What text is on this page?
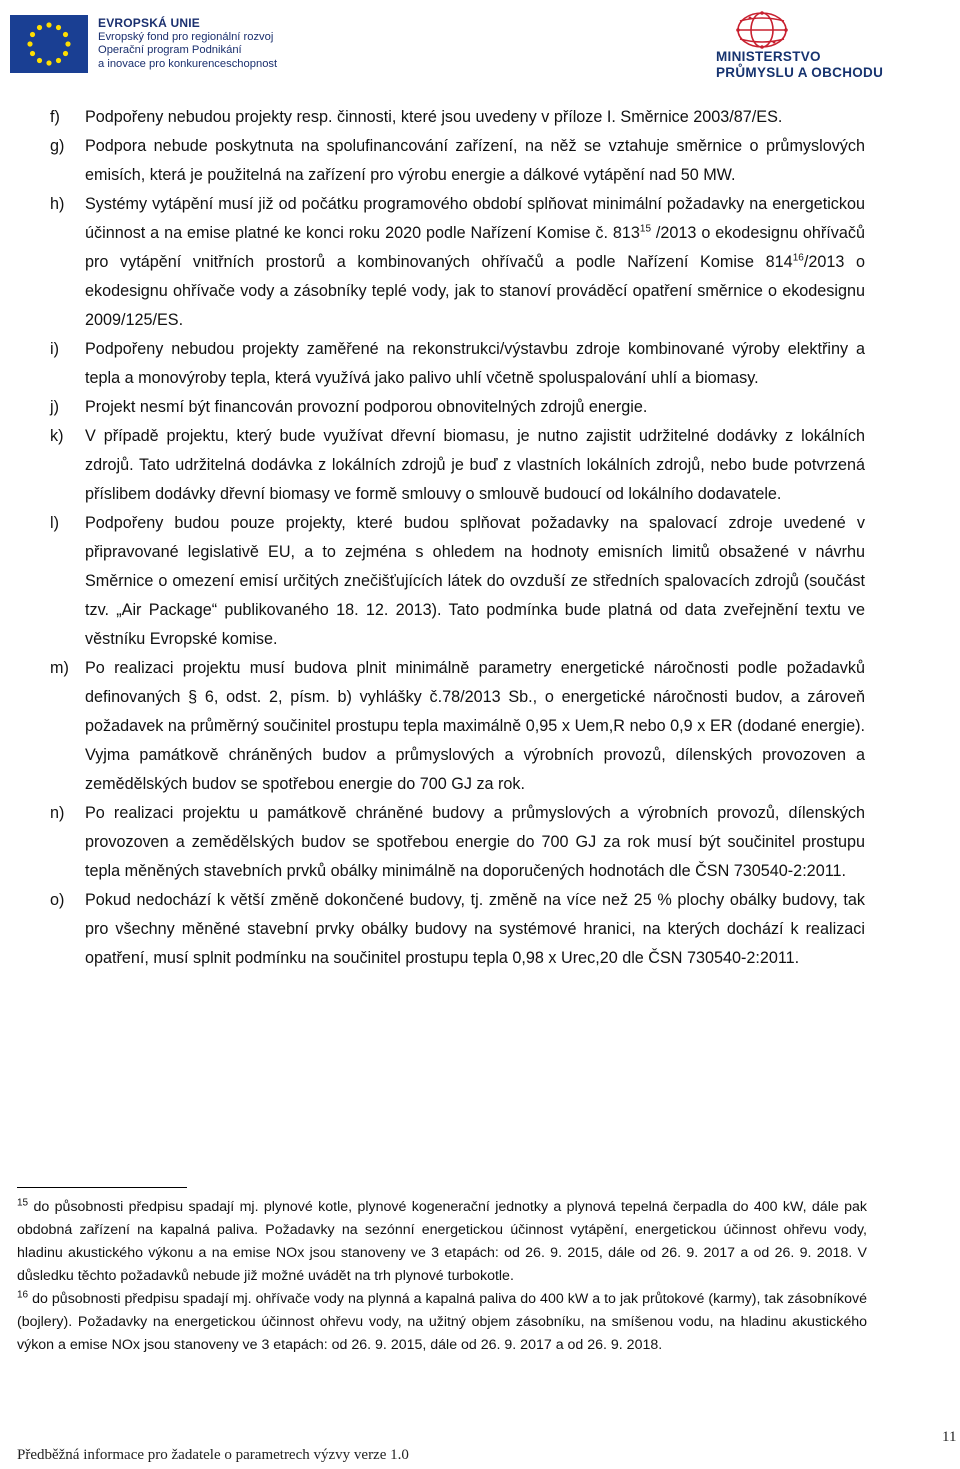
EVROPSKÁ UNIE
Evropský fond pro regionální rozvoj
Operační program Podnikání
a inovace pro konkurenceschopnost	MINISTERSTVO
PRŮMYSLU A OBCHODU
f) Podpořeny nebudou projekty resp. činnosti, které jsou uvedeny v příloze I. Směrnice 2003/87/ES.
g) Podpora nebude poskytnuta na spolufinancování zařízení, na něž se vztahuje směrnice o průmyslových emisích, která je použitelná na zařízení pro výrobu energie a dálkové vytápění nad 50 MW.
h) Systémy vytápění musí již od počátku programového období splňovat minimální požadavky na energetickou účinnost a na emise platné ke konci roku 2020 podle Nařízení Komise č. $813^{15}$ /2013 o ekodesignu ohřívačů pro vytápění vnitřních prostorů a kombinovaných ohřívačů a podle Nařízení Komise $814^{16}/2013$ o ekodesignu ohřívače vody a zásobníky teplé vody, jak to stanoví prováděcí opatření směrnice o ekodesignu 2009/125/ES.
i) Podpořeny nebudou projekty zaměřené na rekonstrukci/výstavbu zdroje kombinované výroby elektřiny a tepla a monovýroby tepla, která využívá jako palivo uhlí včetně spoluspalování uhlí a biomasy.
j) Projekt nesmí být financován provozní podporou obnovitelných zdrojů energie.
k) V případě projektu, který bude využívat dřevní biomasu, je nutno zajistit udržitelné dodávky z lokálních zdrojů. Tato udržitelná dodávka z lokálních zdrojů je buď z vlastních lokálních zdrojů, nebo bude potvrzená příslibem dodávky dřevní biomasy ve formě smlouvy o smlouvě budoucí od lokálního dodavatele.
l) Podpořeny budou pouze projekty, které budou splňovat požadavky na spalovací zdroje uvedené v připravované legislativě EU, a to zejména s ohledem na hodnoty emisních limitů obsažené v návrhu Směrnice o omezení emisí určitých znečišťujících látek do ovzduší ze středních spalovacích zdrojů (součást tzv. „Air Package“ publikovaného 18. 12. 2013). Tato podmínka bude platná od data zveřejnění textu ve věstníku Evropské komise.
m) Po realizaci projektu musí budova plnit minimálně parametry energetické náročnosti podle požadavků definovaných § 6, odst. 2, písm. b) vyhlášky č.78/2013 Sb., o energetické náročnosti budov, a zároveň požadavek na průměrný součinitel prostupu tepla maximálně 0,95 x Uem,R nebo 0,9 x ER (dodané energie). Vyjma památkově chráněných budov a průmyslových a výrobních provozů, dílenských provozoven a zemědělských budov se spotřebou energie do 700 GJ za rok.
n) Po realizaci projektu u památkově chráněné budovy a průmyslových a výrobních provozů, dílenských provozoven a zemědělských budov se spotřebou energie do 700 GJ za rok musí být součinitel prostupu tepla měněných stavebních prvků obálky minimálně na doporučených hodnotách dle ČSN 730540-2:2011.
o) Pokud nedochází k větší změně dokončené budovy, tj. změně na více než 25 % plochy obálky budovy, tak pro všechny měněné stavební prvky obálky budovy na systémové hranici, na kterých dochází k realizaci opatření, musí splnit podmínku na součinitel prostupu tepla 0,98 x Urec,20 dle ČSN 730540-2:2011.

$^{15}$ do působnosti předpisu spadají mj. plynové kotle, plynové kogenerační jednotky a plynová tepelná čerpadla do 400 kW, dále pak obdobná zařízení na kapalná paliva. Požadavky na sezónní energetickou účinnost vytápění, energetickou účinnost ohřevu vody, hladinu akustického výkonu a na emise NOx jsou stanoveny ve 3 etapách: od 26. 9. 2015, dále od 26. 9. 2017 a od 26. 9. 2018. V důsledku těchto požadavků nebude již možné uvádět na trh plynové turbokotle.

$^{16}$ do působnosti předpisu spadají mj. ohřívače vody na plynná a kapalná paliva do 400 kW a to jak průtokové (karmy), tak zásobníkové (bojlery). Požadavky na energetickou účinnost ohřevu vody, na užitný objem zásobníku, na smíšenou vodu, na hladinu akustického výkon a emise NOx jsou stanoveny ve 3 etapách: od 26. 9. 2015, dále od 26. 9. 2017 a od 26. 9. 2018.

Předběžná informace pro žadatele o parametrech výzvy verze 1.0
11
